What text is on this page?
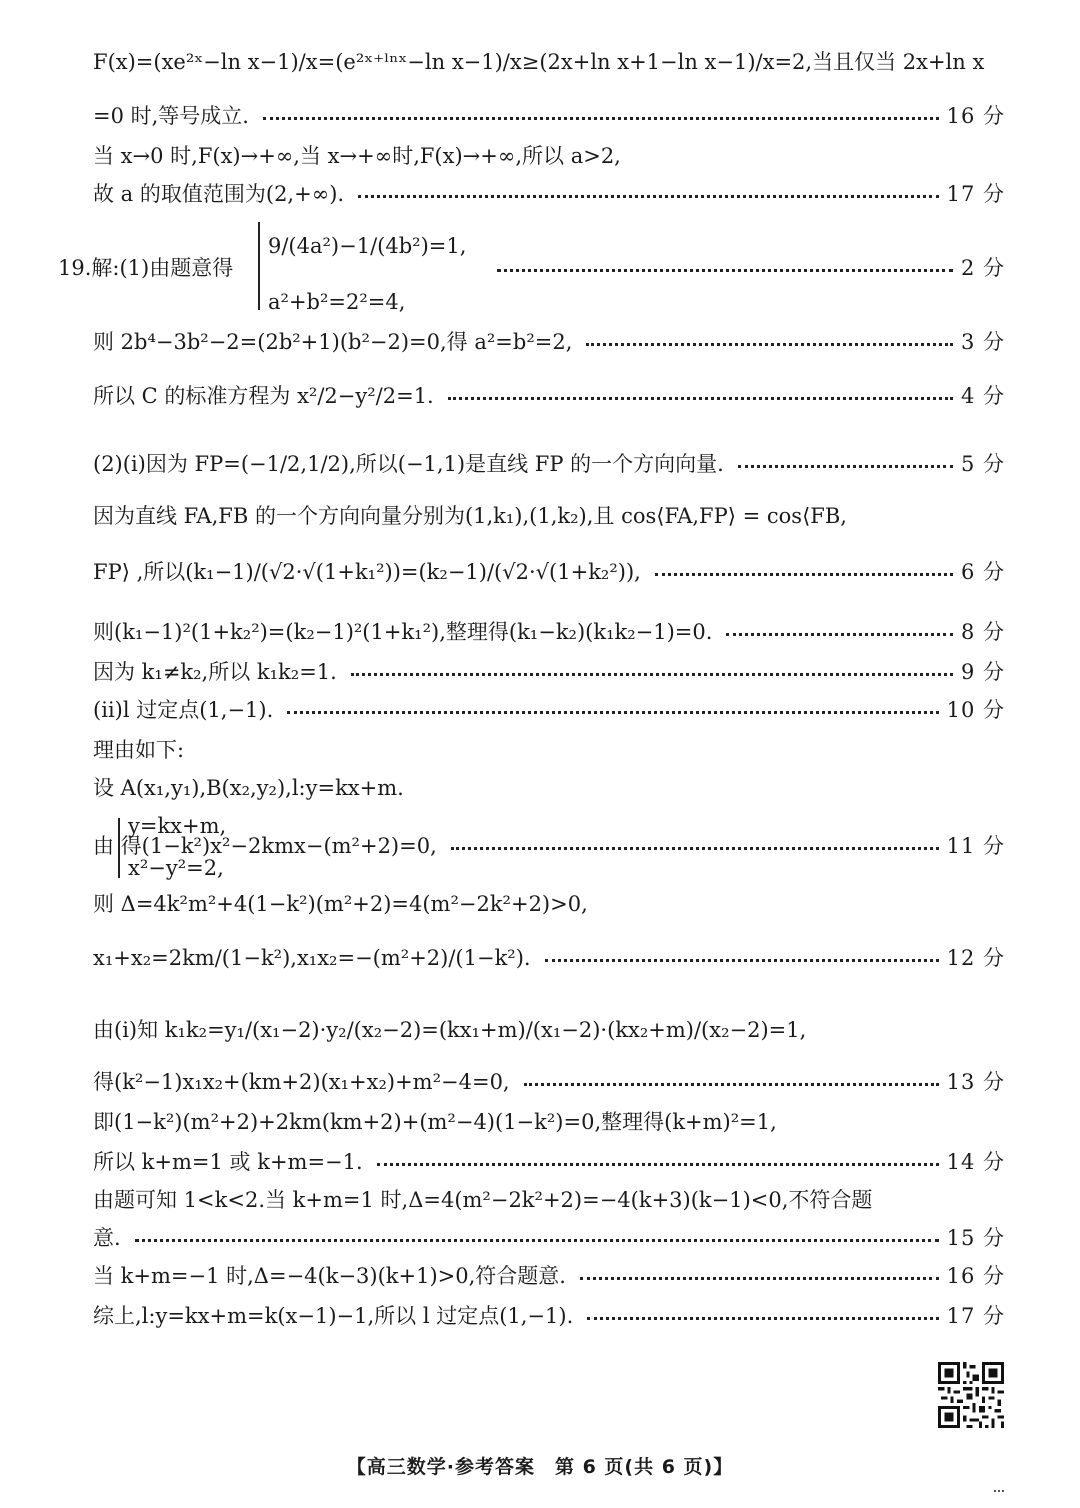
F(x)=(xe²ˣ−ln x−1)/x=(e²ˣ⁺ˡⁿˣ−ln x−1)/x≥(2x+ln x+1−ln x−1)/x=2,当且仅当 2x+ln x
=0 时,等号成立.	16 分
当 x→0 时,F(x)→+∞,当 x→+∞时,F(x)→+∞,所以 a>2,
故 a 的取值范围为(2,+∞).	17 分
9/(4a²)−1/(4b²)=1,
19.解:(1)由题意得	2 分
a²+b²=2²=4,
则 2b⁴−3b²−2=(2b²+1)(b²−2)=0,得 a²=b²=2,	3 分
所以 C 的标准方程为 x²/2−y²/2=1.	4 分
(2)(ⅰ)因为 FP=(−1/2,1/2),所以(−1,1)是直线 FP 的一个方向向量.	5 分
因为直线 FA,FB 的一个方向向量分别为(1,k₁),(1,k₂),且 cos⟨FA,FP⟩ = cos⟨FB,
FP⟩ ,所以(k₁−1)/(√2·√(1+k₁²))=(k₂−1)/(√2·√(1+k₂²)),	6 分
则(k₁−1)²(1+k₂²)=(k₂−1)²(1+k₁²),整理得(k₁−k₂)(k₁k₂−1)=0.	8 分
因为 k₁≠k₂,所以 k₁k₂=1.	9 分
(ⅱ)l 过定点(1,−1).	10 分
理由如下:
设 A(x₁,y₁),B(x₂,y₂),l:y=kx+m.
y=kx+m,
由 得(1−k²)x²−2kmx−(m²+2)=0,	11 分
x²−y²=2,
则 Δ=4k²m²+4(1−k²)(m²+2)=4(m²−2k²+2)>0,
x₁+x₂=2km/(1−k²),x₁x₂=−(m²+2)/(1−k²).	12 分
由(ⅰ)知 k₁k₂=y₁/(x₁−2)·y₂/(x₂−2)=(kx₁+m)/(x₁−2)·(kx₂+m)/(x₂−2)=1,
得(k²−1)x₁x₂+(km+2)(x₁+x₂)+m²−4=0,	13 分
即(1−k²)(m²+2)+2km(km+2)+(m²−4)(1−k²)=0,整理得(k+m)²=1,
所以 k+m=1 或 k+m=−1.	14 分
由题可知 1<k<2.当 k+m=1 时,Δ=4(m²−2k²+2)=−4(k+3)(k−1)<0,不符合题
意.	15 分
当 k+m=−1 时,Δ=−4(k−3)(k+1)>0,符合题意.	16 分
综上,l:y=kx+m=k(x−1)−1,所以 l 过定点(1,−1).	17 分
【高三数学·参考答案　第 6 页(共 6 页)】
